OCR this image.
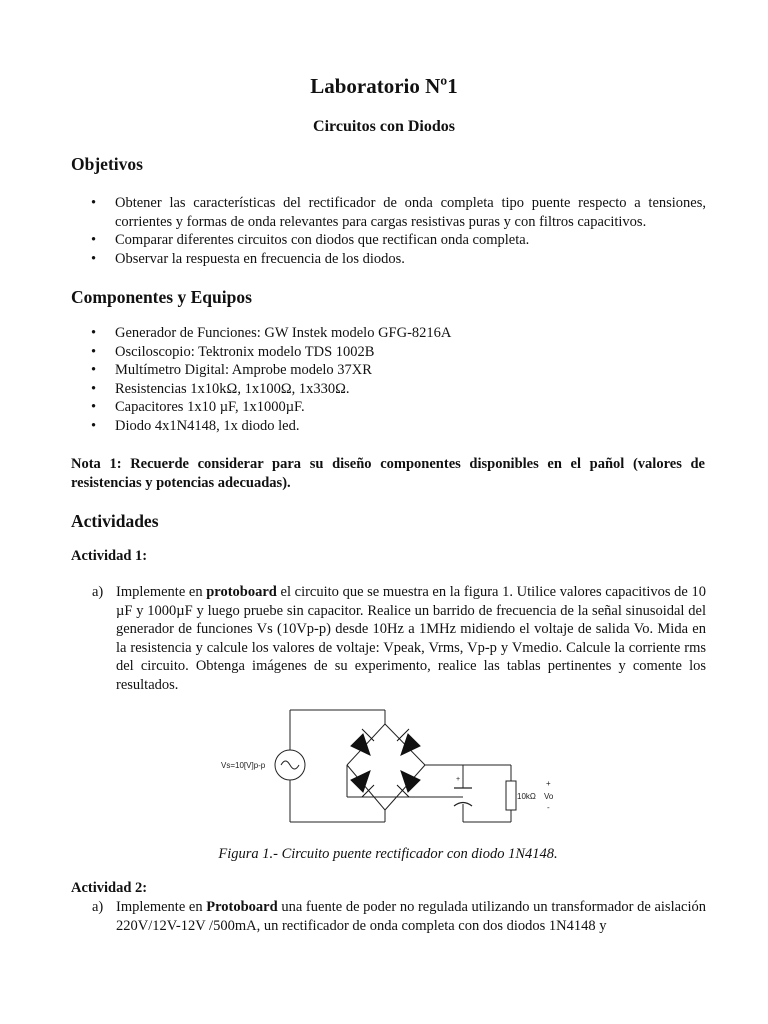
Laboratorio Nº1
Circuitos con Diodos
Objetivos
• Obtener las características del rectificador de onda completa tipo puente respecto a tensiones, corrientes y formas de onda relevantes para cargas resistivas puras y con filtros capacitivos.
• Comparar diferentes circuitos con diodos que rectifican onda completa.
• Observar la respuesta en frecuencia de los diodos.
Componentes y Equipos
• Generador de Funciones: GW Instek modelo GFG-8216A
• Osciloscopio: Tektronix modelo TDS 1002B
• Multímetro Digital: Amprobe modelo 37XR
• Resistencias 1x10kΩ, 1x100Ω, 1x330Ω.
• Capacitores 1x10 µF, 1x1000µF.
• Diodo 4x1N4148, 1x diodo led.
Nota 1: Recuerde considerar para su diseño componentes disponibles en el pañol (valores de resistencias y potencias adecuadas).
Actividades
Actividad 1:
a) Implemente en protoboard el circuito que se muestra en la figura 1. Utilice valores capacitivos de 10 µF y 1000µF y luego pruebe sin capacitor. Realice un barrido de frecuencia de la señal sinusoidal del generador de funciones Vs (10Vp-p) desde 10Hz a 1MHz midiendo el voltaje de salida Vo. Mida en la resistencia y calcule los valores de voltaje: Vpeak, Vrms, Vp-p y Vmedio. Calcule la corriente rms del circuito. Obtenga imágenes de su experimento, realice las tablas pertinentes y comente los resultados.
Vs=10[V]p-p
+
10kΩ
+
Vo
-
Figura 1.- Circuito puente rectificador con diodo 1N4148.
Actividad 2:
a) Implemente en Protoboard una fuente de poder no regulada utilizando un transformador de aislación 220V/12V-12V /500mA, un rectificador de onda completa con dos diodos 1N4148 y
